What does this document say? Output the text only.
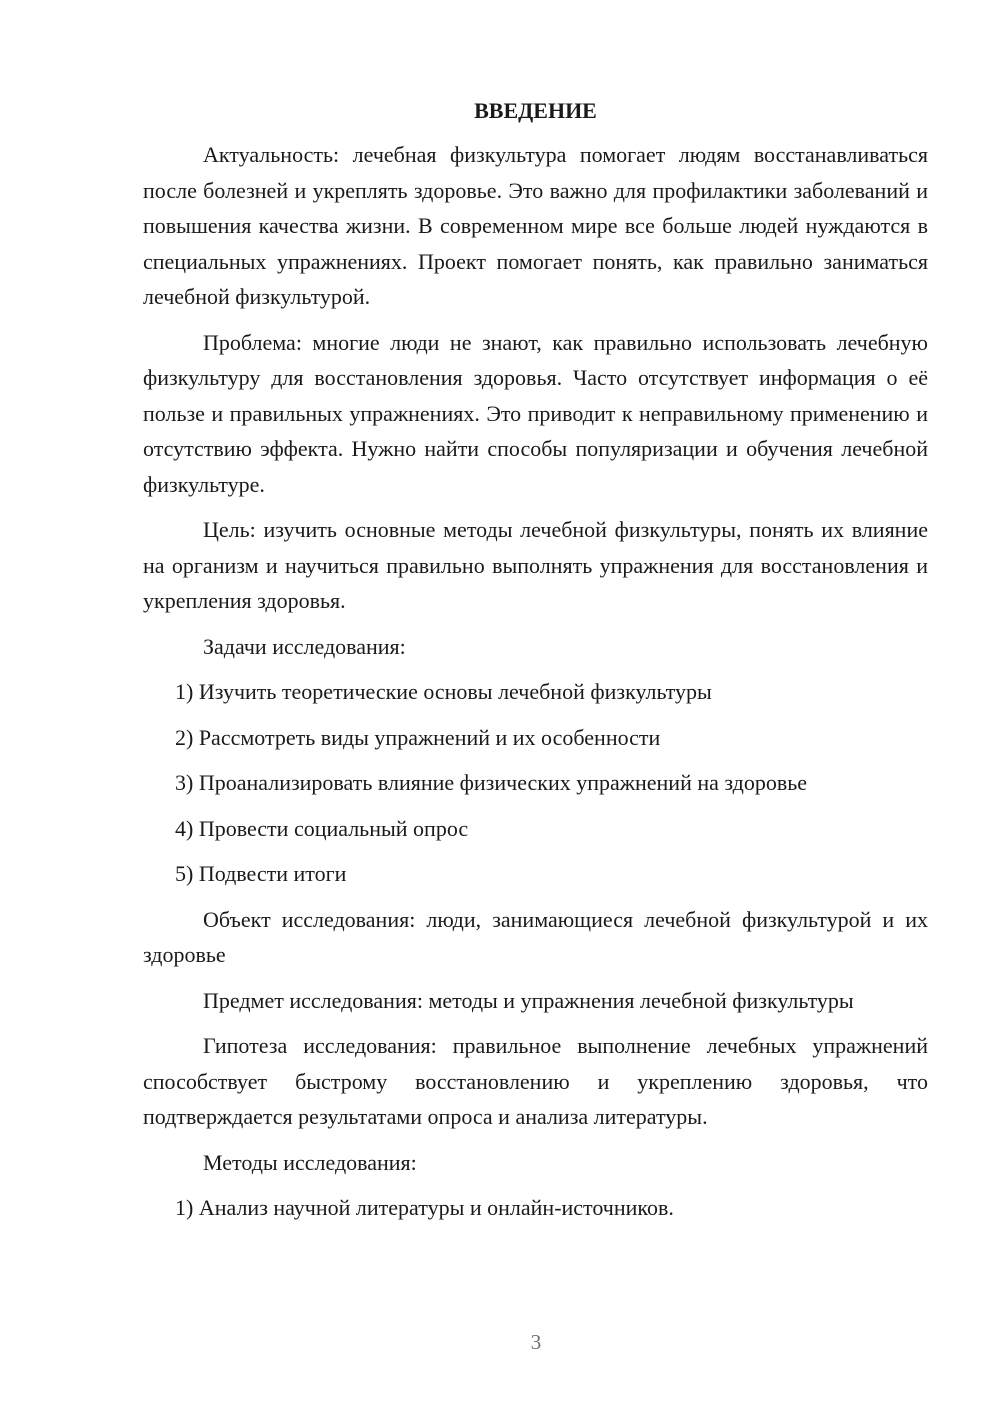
ВВЕДЕНИЕ

Актуальность: лечебная физкультура помогает людям восстанавливаться после болезней и укреплять здоровье. Это важно для профилактики заболеваний и повышения качества жизни. В современном мире все больше людей нуждаются в специальных упражнениях. Проект помогает понять, как правильно заниматься лечебной физкультурой.

Проблема: многие люди не знают, как правильно использовать лечебную физкультуру для восстановления здоровья. Часто отсутствует информация о её пользе и правильных упражнениях. Это приводит к неправильному применению и отсутствию эффекта. Нужно найти способы популяризации и обучения лечебной физкультуре.

Цель: изучить основные методы лечебной физкультуры, понять их влияние на организм и научиться правильно выполнять упражнения для восстановления и укрепления здоровья.

Задачи исследования:

1) Изучить теоретические основы лечебной физкультуры
2) Рассмотреть виды упражнений и их особенности
3) Проанализировать влияние физических упражнений на здоровье
4) Провести социальный опрос
5) Подвести итоги

Объект исследования: люди, занимающиеся лечебной физкультурой и их здоровье

Предмет исследования: методы и упражнения лечебной физкультуры

Гипотеза исследования: правильное выполнение лечебных упражнений способствует быстрому восстановлению и укреплению здоровья, что подтверждается результатами опроса и анализа литературы.

Методы исследования:

1) Анализ научной литературы и онлайн-источников.
3
